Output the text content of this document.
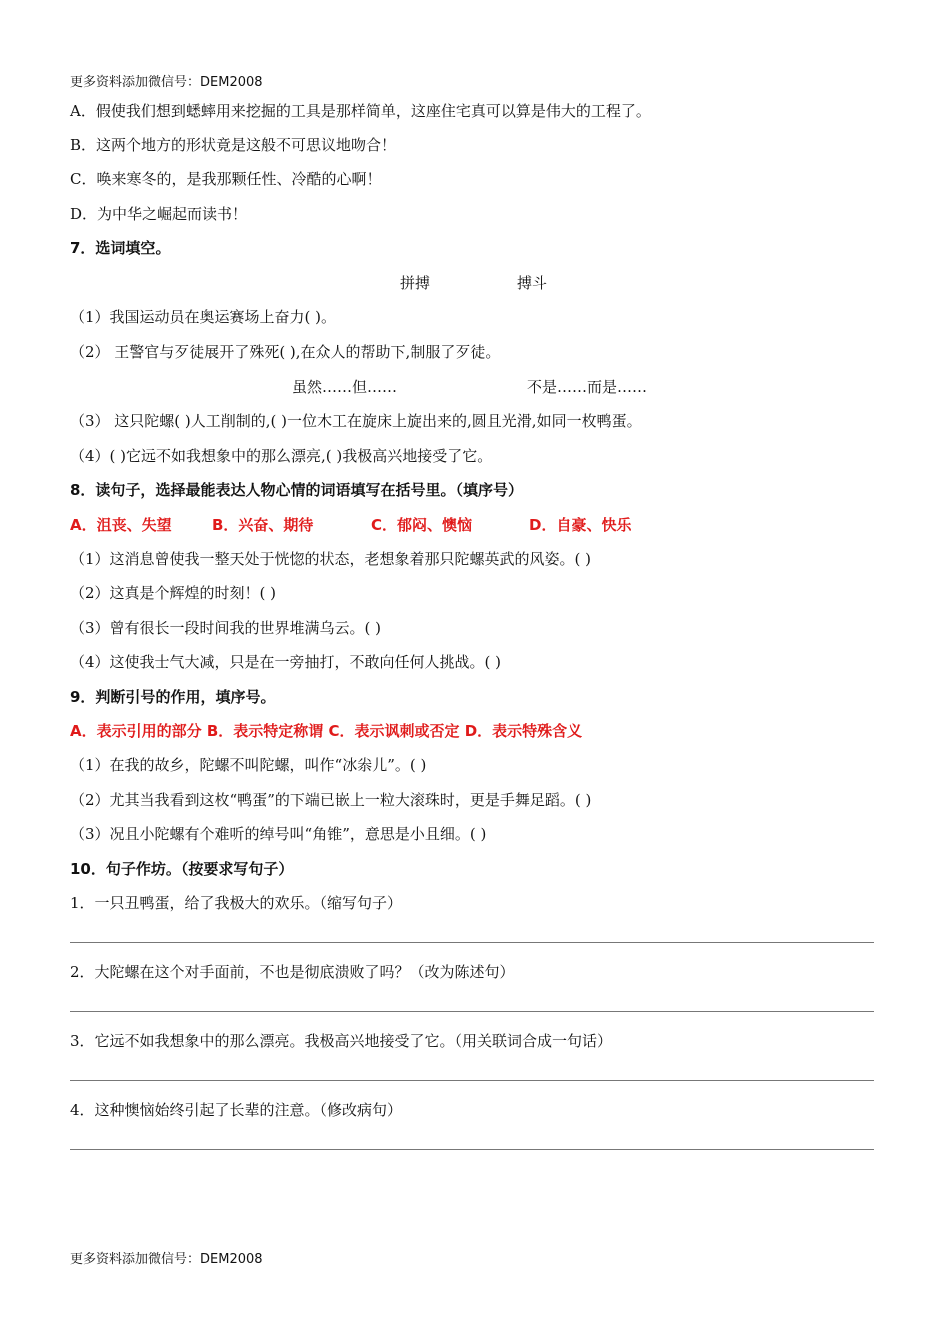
更多资料添加微信号：DEM2008
A．假使我们想到蟋蟀用来挖掘的工具是那样简单，这座住宅真可以算是伟大的工程了。
B．这两个地方的形状竟是这般不可思议地吻合！
C．唤来寒冬的，是我那颗任性、冷酷的心啊！
D．为中华之崛起而读书！
7．选词填空。
拼搏	搏斗
（1）我国运动员在奥运赛场上奋力( )。
（2） 王警官与歹徒展开了殊死( ),在众人的帮助下,制服了歹徒。
虽然……但……	不是……而是……
（3） 这只陀螺( )人工削制的,( )一位木工在旋床上旋出来的,圆且光滑,如同一枚鸭蛋。
（4）( )它远不如我想象中的那么漂亮,( )我极高兴地接受了它。
8．读句子，选择最能表达人物心情的词语填写在括号里。（填序号）
A．沮丧、失望	B．兴奋、期待	C．郁闷、懊恼	D．自豪、快乐
（1）这消息曾使我一整天处于恍惚的状态，老想象着那只陀螺英武的风姿。( )
（2）这真是个辉煌的时刻！( )
（3）曾有很长一段时间我的世界堆满乌云。( )
（4）这使我士气大减，只是在一旁抽打，不敢向任何人挑战。( )
9．判断引号的作用，填序号。
A．表示引用的部分 B．表示特定称谓 C．表示讽刺或否定 D．表示特殊含义
（1）在我的故乡，陀螺不叫陀螺，叫作“冰尜儿”。( )
（2）尤其当我看到这枚“鸭蛋”的下端已嵌上一粒大滚珠时，更是手舞足蹈。( )
（3）况且小陀螺有个难听的绰号叫“角锥”，意思是小且细。( )
10．句子作坊。（按要求写句子）
1．一只丑鸭蛋，给了我极大的欢乐。（缩写句子）
2．大陀螺在这个对手面前，不也是彻底溃败了吗？（改为陈述句）
3．它远不如我想象中的那么漂亮。我极高兴地接受了它。（用关联词合成一句话）
4．这种懊恼始终引起了长辈的注意。（修改病句）
更多资料添加微信号：DEM2008
